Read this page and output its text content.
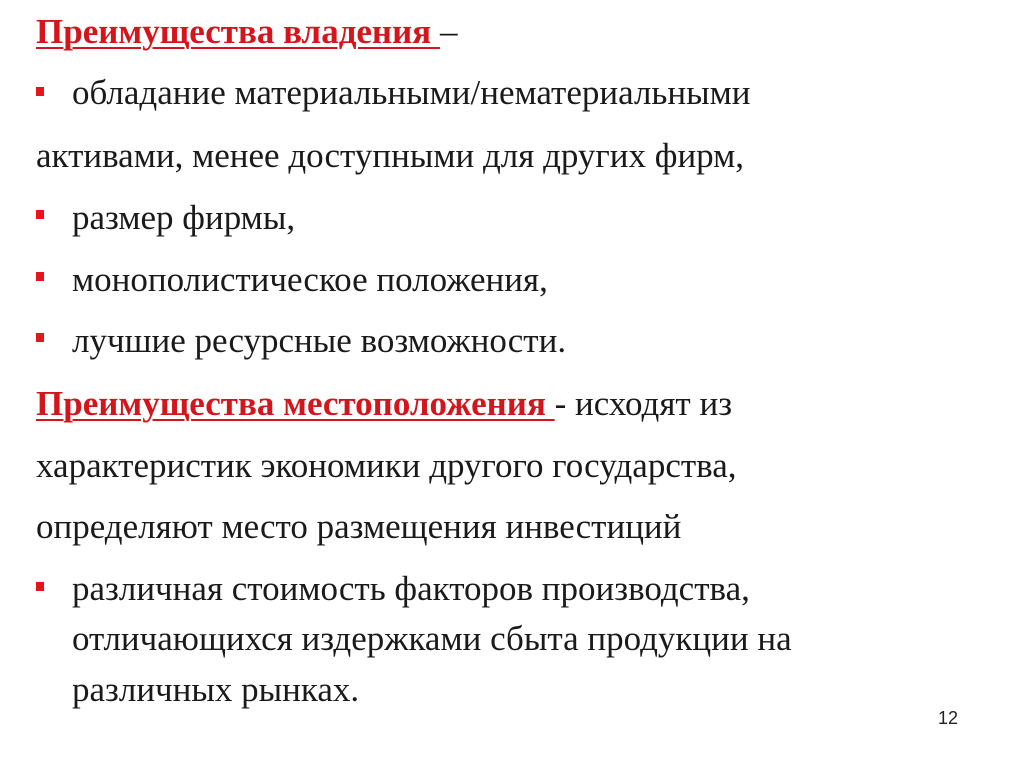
Преимущества владения –
обладание материальными/нематериальными
активами, менее доступными для других фирм,
размер фирмы,
монополистическое положения,
лучшие ресурсные возможности.
Преимущества местоположения - исходят из
характеристик экономики другого государства,
определяют место размещения инвестиций
различная стоимость факторов производства,
отличающихся издержками сбыта продукции на
различных рынках.
12
